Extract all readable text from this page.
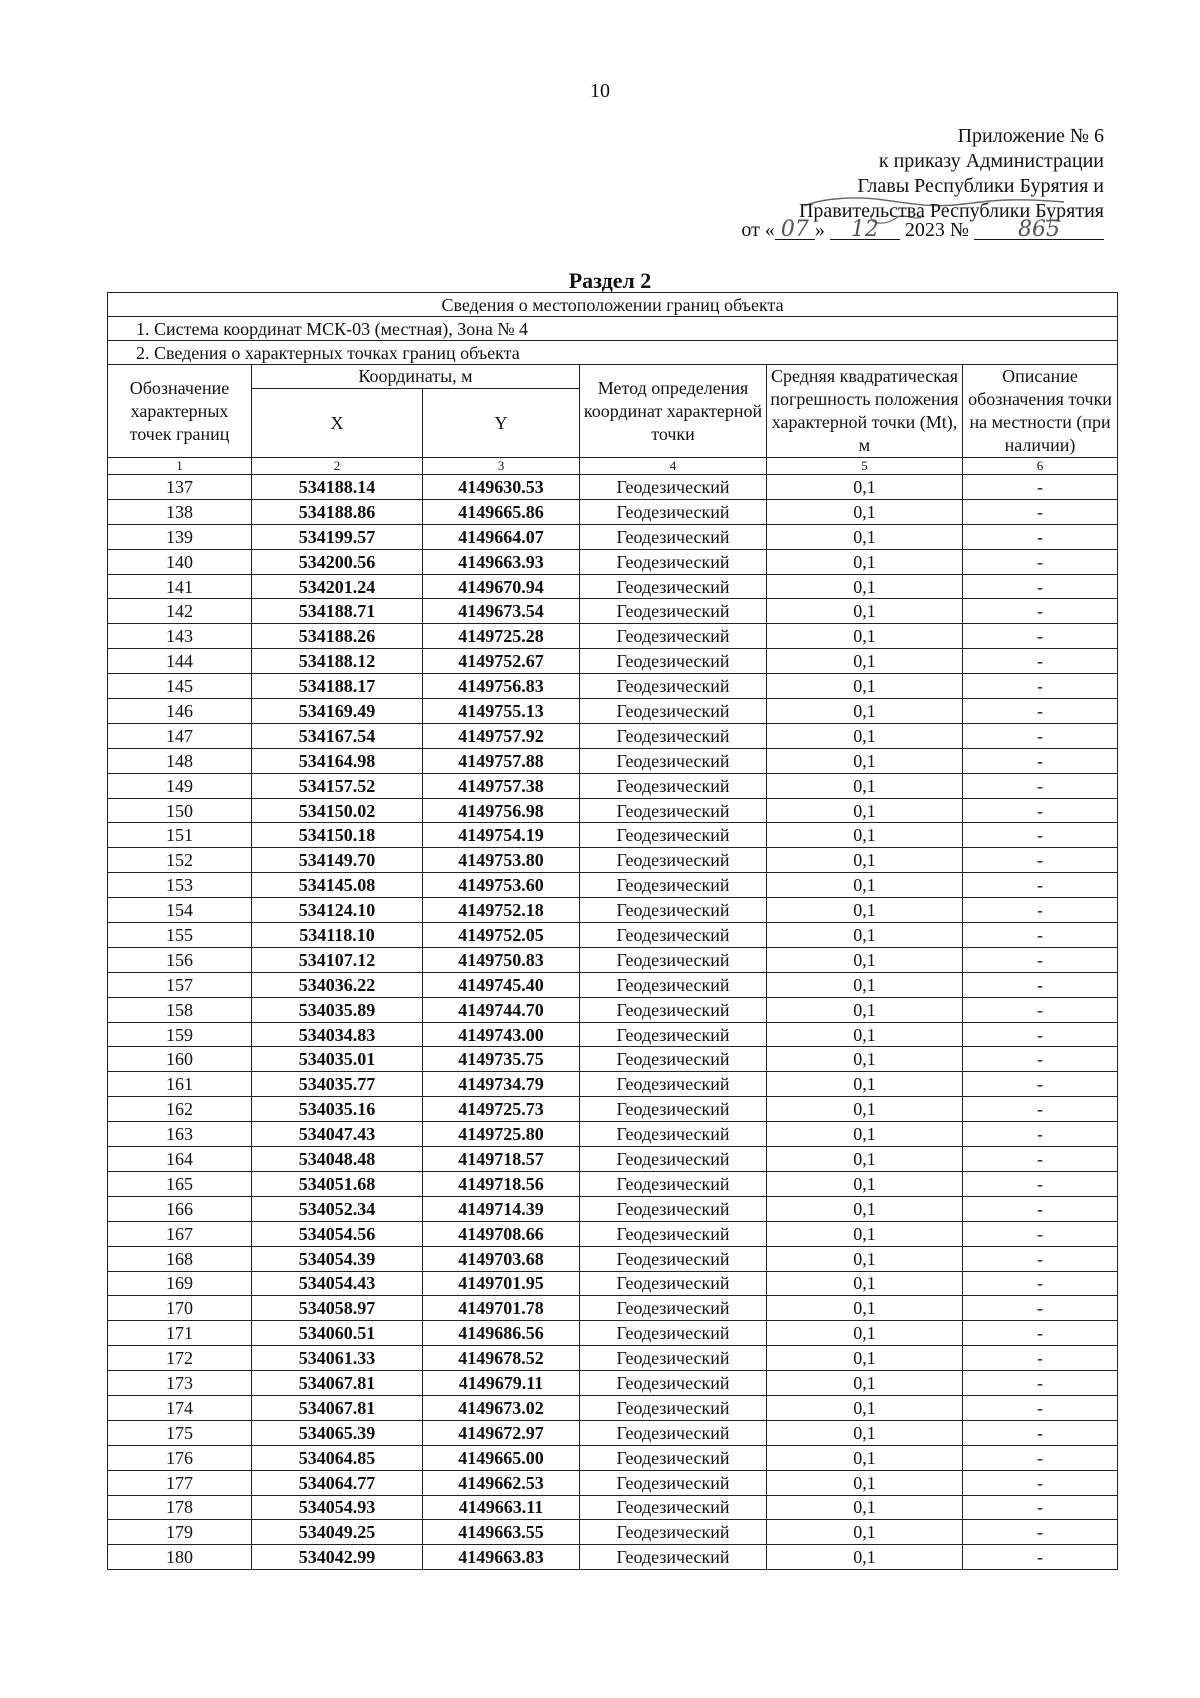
10
Приложение № 6
к приказу Администрации
Главы Республики Бурятия и
Правительства Республики Бурятия
от « 07 » 12 2023 № 865
Раздел 2
Сведения о местоположении границ объекта					
1. Система координат МСК-03 (местная), Зона № 4					
2. Сведения о характерных точках границ объекта					
Обозначение характерных точек границ	Координаты, м		Метод определения координат характерной точки	Средняя квадратическая погрешность положения характерной точки (Mt), м	Описание обозначения точки на местности (при наличии)
	X	Y			
1	2	3	4	5	6
137	534188.14	4149630.53	Геодезический	0,1	-
138	534188.86	4149665.86	Геодезический	0,1	-
139	534199.57	4149664.07	Геодезический	0,1	-
140	534200.56	4149663.93	Геодезический	0,1	-
141	534201.24	4149670.94	Геодезический	0,1	-
142	534188.71	4149673.54	Геодезический	0,1	-
143	534188.26	4149725.28	Геодезический	0,1	-
144	534188.12	4149752.67	Геодезический	0,1	-
145	534188.17	4149756.83	Геодезический	0,1	-
146	534169.49	4149755.13	Геодезический	0,1	-
147	534167.54	4149757.92	Геодезический	0,1	-
148	534164.98	4149757.88	Геодезический	0,1	-
149	534157.52	4149757.38	Геодезический	0,1	-
150	534150.02	4149756.98	Геодезический	0,1	-
151	534150.18	4149754.19	Геодезический	0,1	-
152	534149.70	4149753.80	Геодезический	0,1	-
153	534145.08	4149753.60	Геодезический	0,1	-
154	534124.10	4149752.18	Геодезический	0,1	-
155	534118.10	4149752.05	Геодезический	0,1	-
156	534107.12	4149750.83	Геодезический	0,1	-
157	534036.22	4149745.40	Геодезический	0,1	-
158	534035.89	4149744.70	Геодезический	0,1	-
159	534034.83	4149743.00	Геодезический	0,1	-
160	534035.01	4149735.75	Геодезический	0,1	-
161	534035.77	4149734.79	Геодезический	0,1	-
162	534035.16	4149725.73	Геодезический	0,1	-
163	534047.43	4149725.80	Геодезический	0,1	-
164	534048.48	4149718.57	Геодезический	0,1	-
165	534051.68	4149718.56	Геодезический	0,1	-
166	534052.34	4149714.39	Геодезический	0,1	-
167	534054.56	4149708.66	Геодезический	0,1	-
168	534054.39	4149703.68	Геодезический	0,1	-
169	534054.43	4149701.95	Геодезический	0,1	-
170	534058.97	4149701.78	Геодезический	0,1	-
171	534060.51	4149686.56	Геодезический	0,1	-
172	534061.33	4149678.52	Геодезический	0,1	-
173	534067.81	4149679.11	Геодезический	0,1	-
174	534067.81	4149673.02	Геодезический	0,1	-
175	534065.39	4149672.97	Геодезический	0,1	-
176	534064.85	4149665.00	Геодезический	0,1	-
177	534064.77	4149662.53	Геодезический	0,1	-
178	534054.93	4149663.11	Геодезический	0,1	-
179	534049.25	4149663.55	Геодезический	0,1	-
180	534042.99	4149663.83	Геодезический	0,1	-
